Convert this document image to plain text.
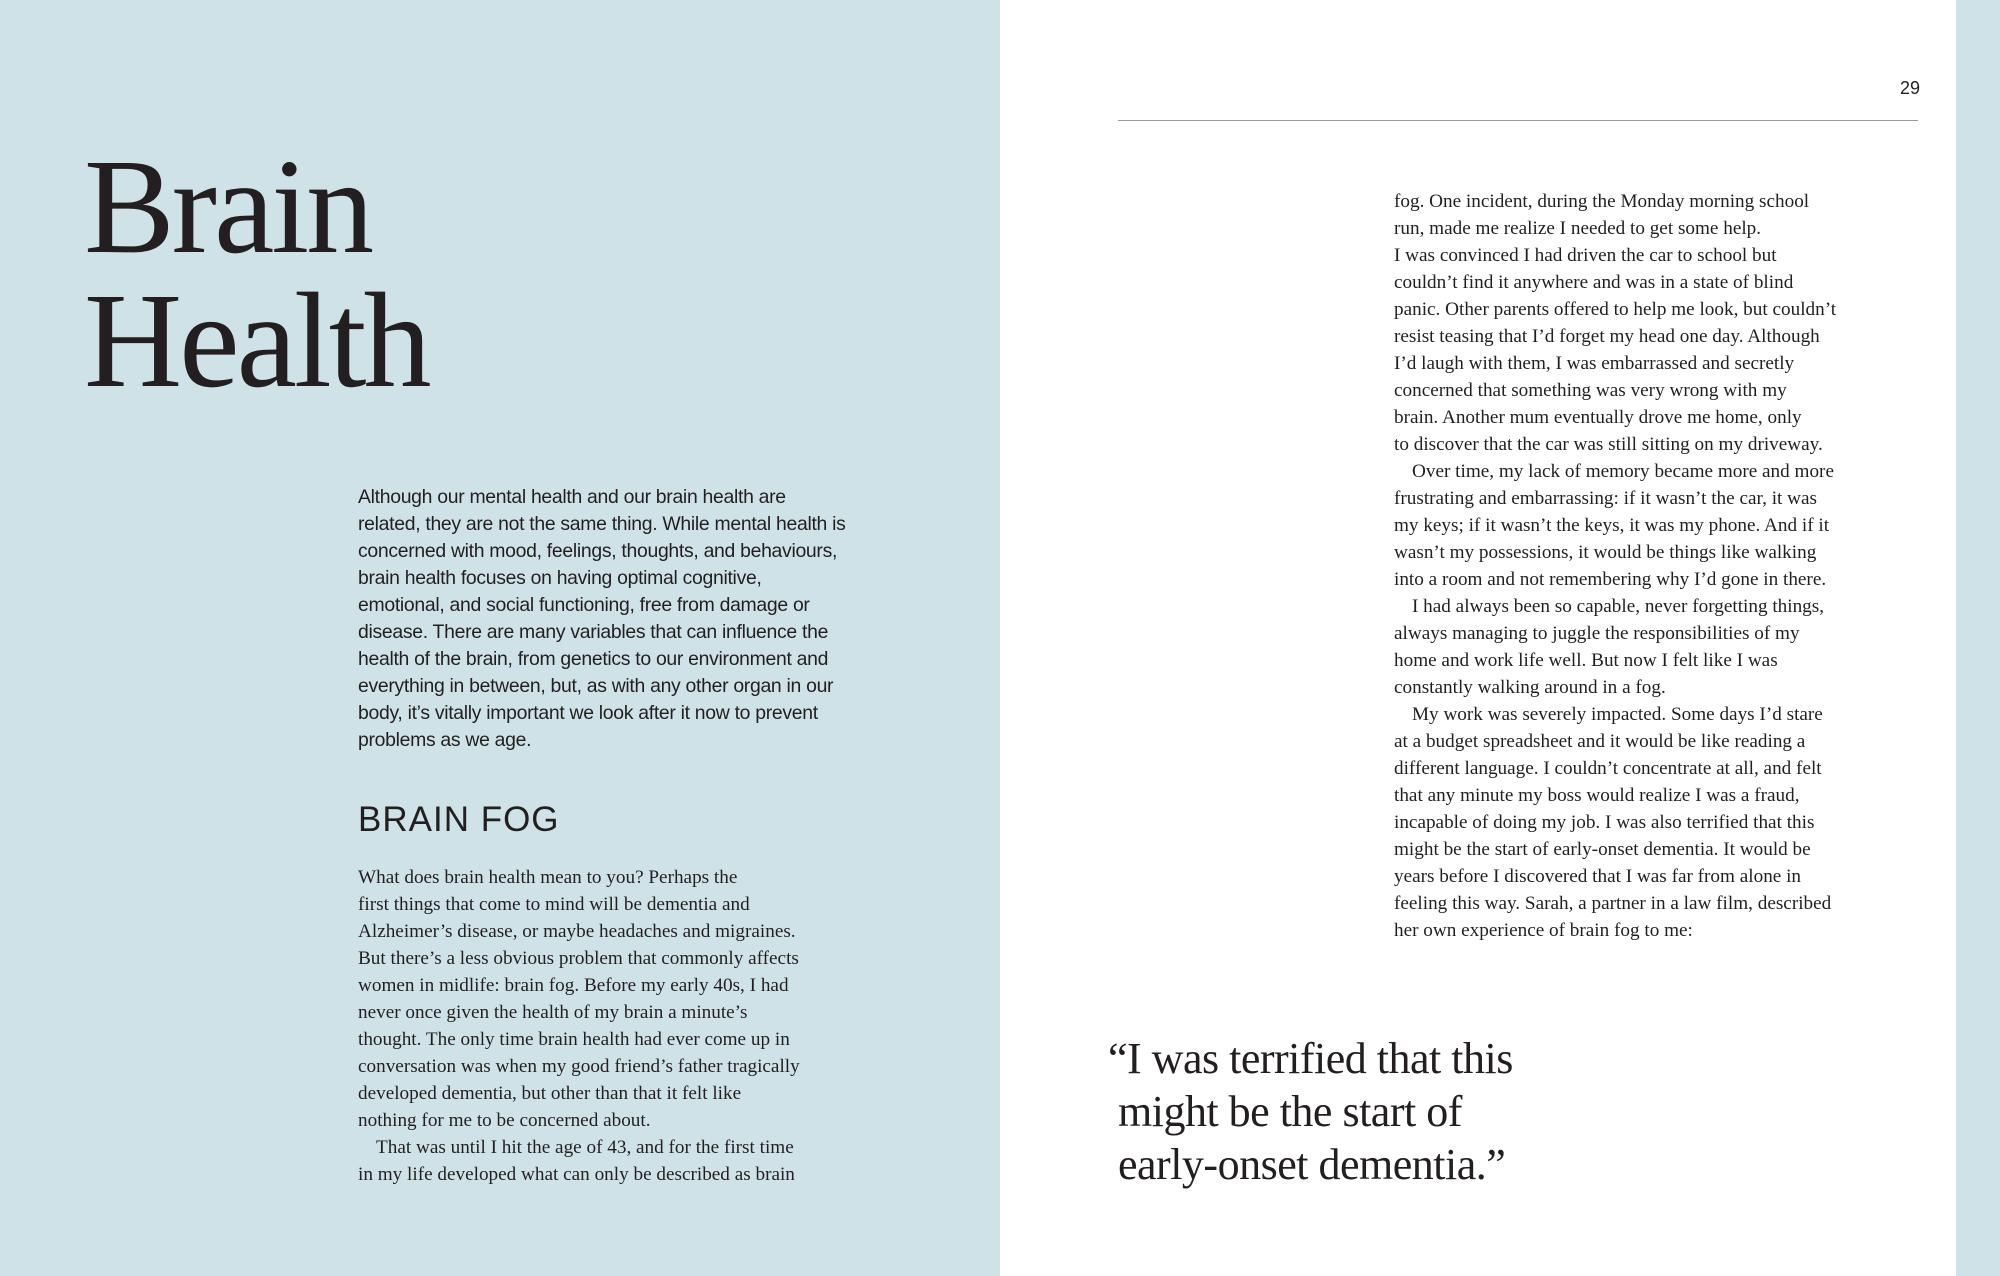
Brain
Health

Although our mental health and our brain health are
related, they are not the same thing. While mental health is
concerned with mood, feelings, thoughts, and behaviours,
brain health focuses on having optimal cognitive,
emotional, and social functioning, free from damage or
disease. There are many variables that can influence the
health of the brain, from genetics to our environment and
everything in between, but, as with any other organ in our
body, it’s vitally important we look after it now to prevent
problems as we age.

BRAIN FOG

What does brain health mean to you? Perhaps the
first things that come to mind will be dementia and
Alzheimer’s disease, or maybe headaches and migraines.
But there’s a less obvious problem that commonly affects
women in midlife: brain fog. Before my early 40s, I had
never once given the health of my brain a minute’s
thought. The only time brain health had ever come up in
conversation was when my good friend’s father tragically
developed dementia, but other than that it felt like
nothing for me to be concerned about.
That was until I hit the age of 43, and for the first time
in my life developed what can only be described as brain

29

fog. One incident, during the Monday morning school
run, made me realize I needed to get some help.
I was convinced I had driven the car to school but
couldn’t find it anywhere and was in a state of blind
panic. Other parents offered to help me look, but couldn’t
resist teasing that I’d forget my head one day. Although
I’d laugh with them, I was embarrassed and secretly
concerned that something was very wrong with my
brain. Another mum eventually drove me home, only
to discover that the car was still sitting on my driveway.
Over time, my lack of memory became more and more
frustrating and embarrassing: if it wasn’t the car, it was
my keys; if it wasn’t the keys, it was my phone. And if it
wasn’t my possessions, it would be things like walking
into a room and not remembering why I’d gone in there.
I had always been so capable, never forgetting things,
always managing to juggle the responsibilities of my
home and work life well. But now I felt like I was
constantly walking around in a fog.
My work was severely impacted. Some days I’d stare
at a budget spreadsheet and it would be like reading a
different language. I couldn’t concentrate at all, and felt
that any minute my boss would realize I was a fraud,
incapable of doing my job. I was also terrified that this
might be the start of early-onset dementia. It would be
years before I discovered that I was far from alone in
feeling this way. Sarah, a partner in a law film, described
her own experience of brain fog to me:

“I was terrified that this
might be the start of
early-onset dementia.”
